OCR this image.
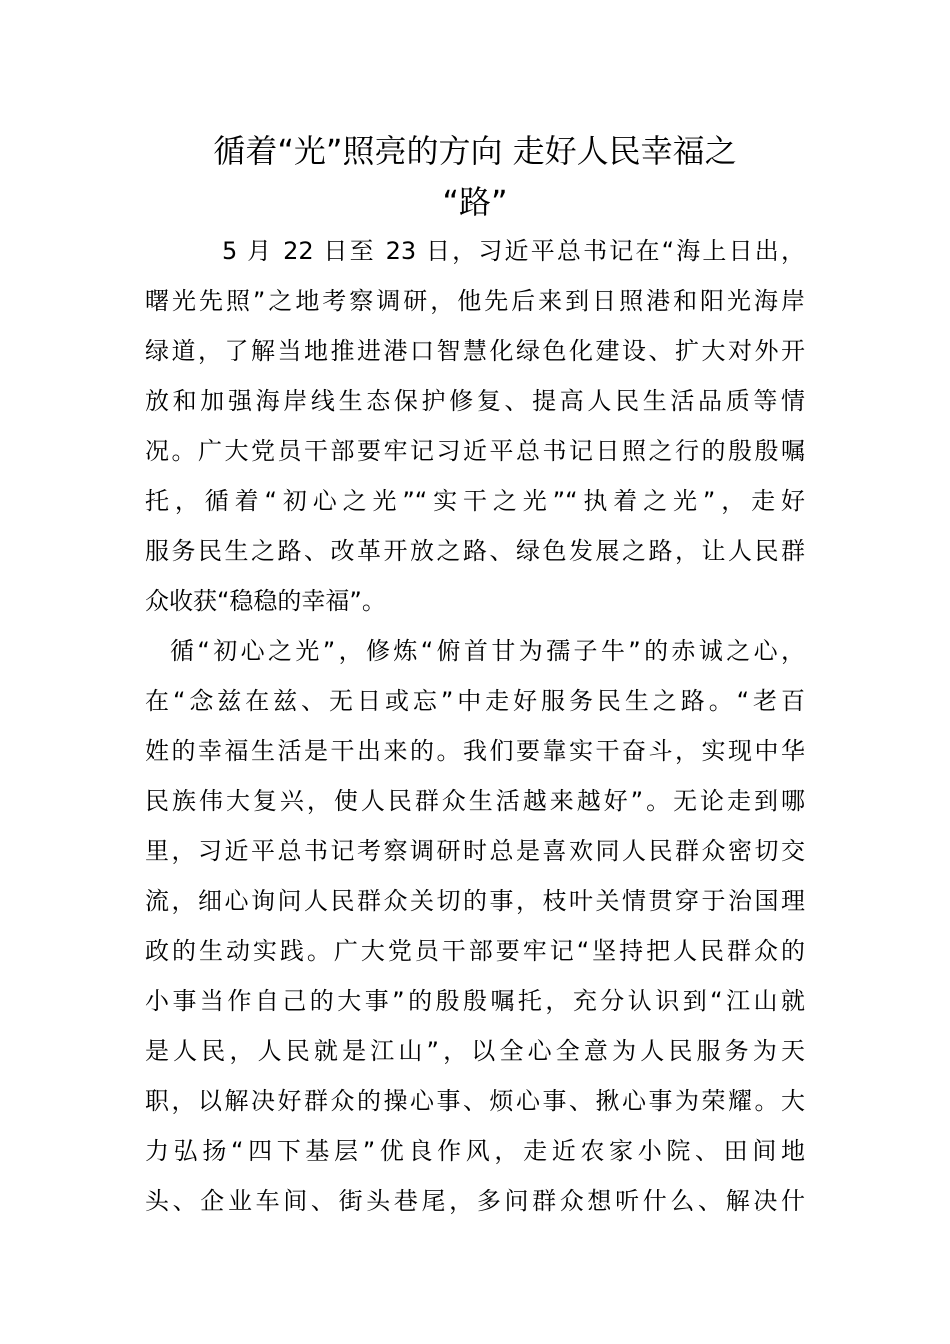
循着“光”照亮的方向 走好人民幸福之
“路”
5 月 22 日至 23 日，习近平总书记在“海上日出，
曙光先照”之地考察调研，他先后来到日照港和阳光海岸
绿道，了解当地推进港口智慧化绿色化建设、扩大对外开
放和加强海岸线生态保护修复、提高人民生活品质等情
况。广大党员干部要牢记习近平总书记日照之行的殷殷嘱
托，循着“初心之光”“实干之光”“执着之光”，走好
服务民生之路、改革开放之路、绿色发展之路，让人民群
众收获“稳稳的幸福”。
循“初心之光”，修炼“俯首甘为孺子牛”的赤诚之心，
在“念兹在兹、无日或忘”中走好服务民生之路。“老百
姓的幸福生活是干出来的。我们要靠实干奋斗，实现中华
民族伟大复兴，使人民群众生活越来越好”。无论走到哪
里，习近平总书记考察调研时总是喜欢同人民群众密切交
流，细心询问人民群众关切的事，枝叶关情贯穿于治国理
政的生动实践。广大党员干部要牢记“坚持把人民群众的
小事当作自己的大事”的殷殷嘱托，充分认识到“江山就
是人民，人民就是江山”，以全心全意为人民服务为天
职，以解决好群众的操心事、烦心事、揪心事为荣耀。大
力弘扬“四下基层”优良作风，走近农家小院、田间地
头、企业车间、街头巷尾，多问群众想听什么、解决什
